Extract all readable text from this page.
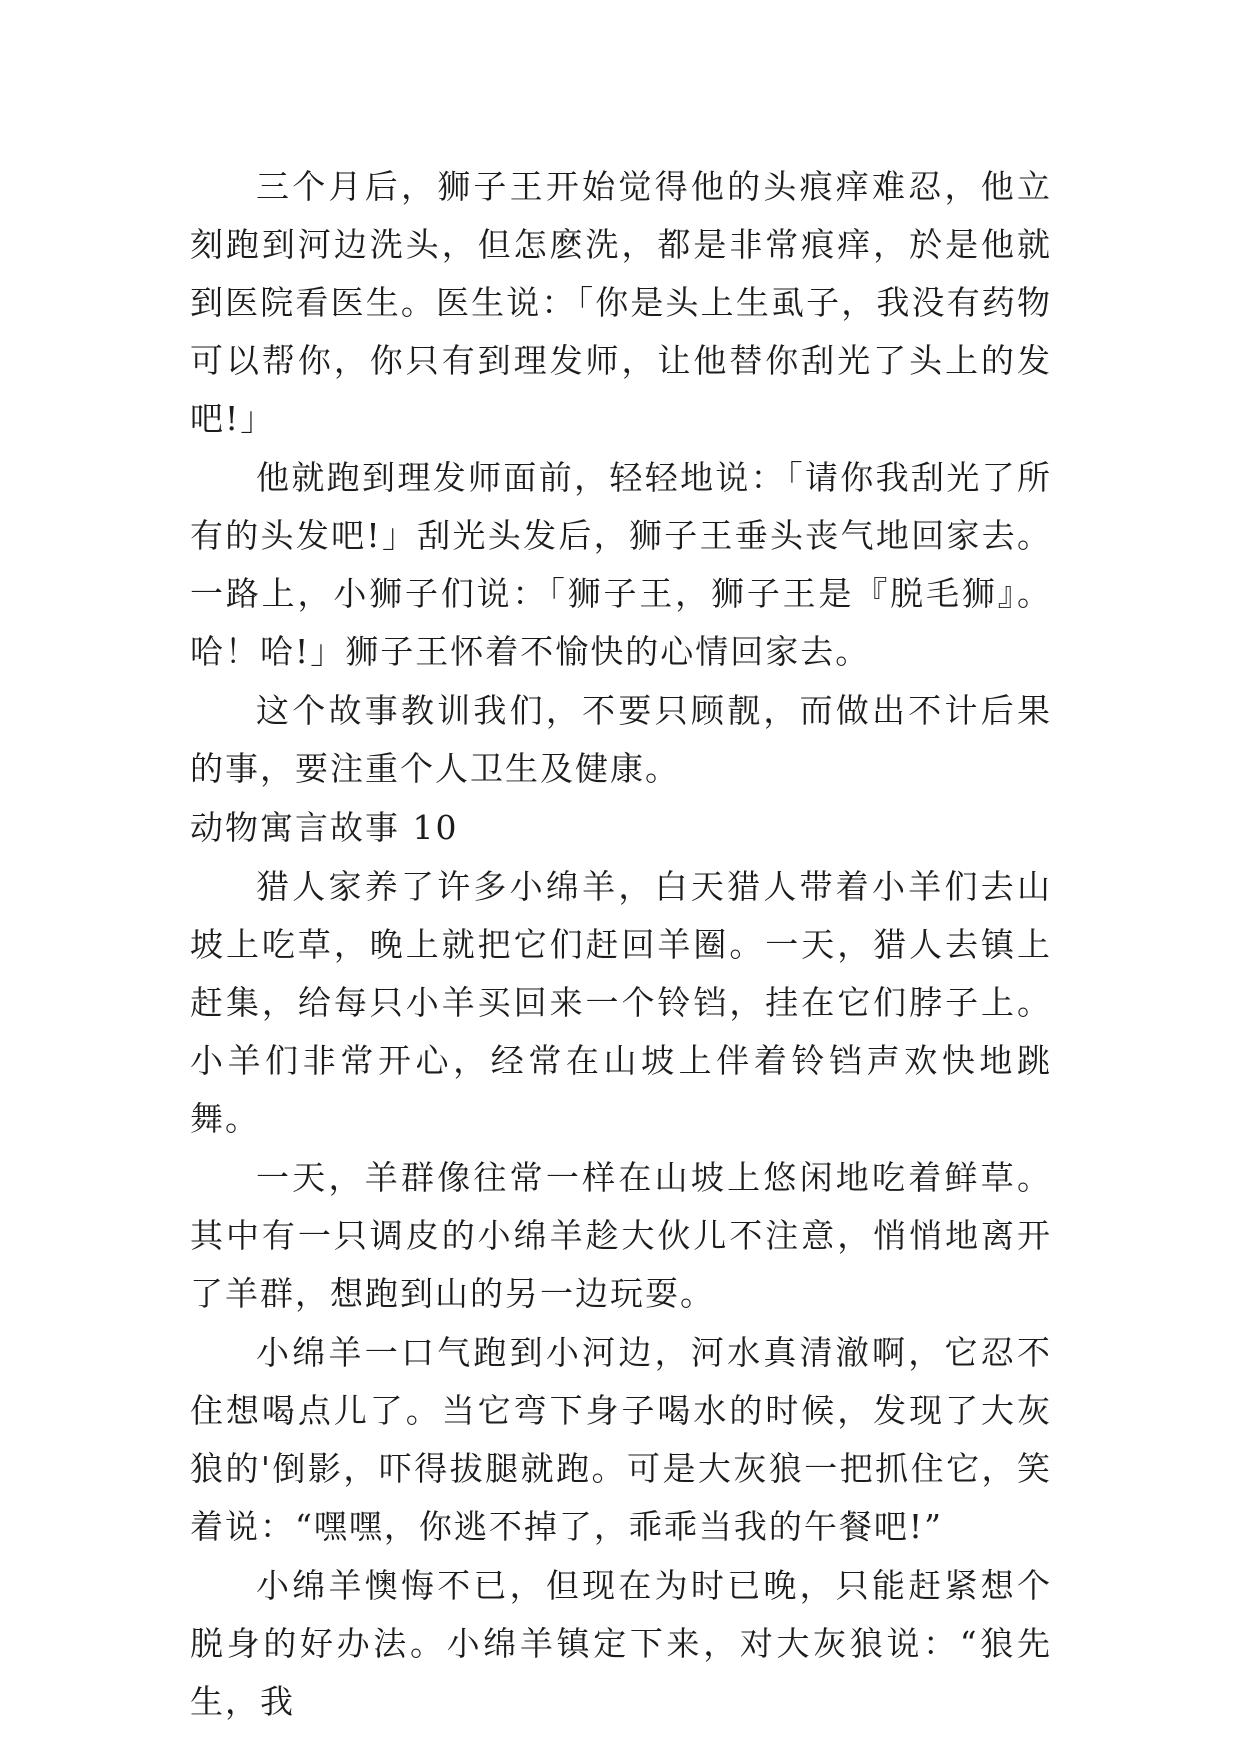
三个月后，狮子王开始觉得他的头痕痒难忍，他立刻跑到河边洗头，但怎麽洗，都是非常痕痒，於是他就到医院看医生。医生说：「你是头上生虱子，我没有药物可以帮你，你只有到理发师，让他替你刮光了头上的发吧!」

他就跑到理发师面前，轻轻地说：「请你我刮光了所有的头发吧!」刮光头发后，狮子王垂头丧气地回家去。一路上，小狮子们说：「狮子王，狮子王是『脱毛狮』。哈！哈!」狮子王怀着不愉快的心情回家去。

这个故事教训我们，不要只顾靓，而做出不计后果的事，要注重个人卫生及健康。

动物寓言故事 10

猎人家养了许多小绵羊，白天猎人带着小羊们去山坡上吃草，晚上就把它们赶回羊圈。一天，猎人去镇上赶集，给每只小羊买回来一个铃铛，挂在它们脖子上。小羊们非常开心，经常在山坡上伴着铃铛声欢快地跳舞。

一天，羊群像往常一样在山坡上悠闲地吃着鲜草。其中有一只调皮的小绵羊趁大伙儿不注意，悄悄地离开了羊群，想跑到山的另一边玩耍。

小绵羊一口气跑到小河边，河水真清澈啊，它忍不住想喝点儿了。当它弯下身子喝水的时候，发现了大灰狼的'倒影，吓得拔腿就跑。可是大灰狼一把抓住它，笑着说：“嘿嘿，你逃不掉了，乖乖当我的午餐吧!”

小绵羊懊悔不已，但现在为时已晚，只能赶紧想个脱身的好办法。小绵羊镇定下来，对大灰狼说：“狼先生，我
